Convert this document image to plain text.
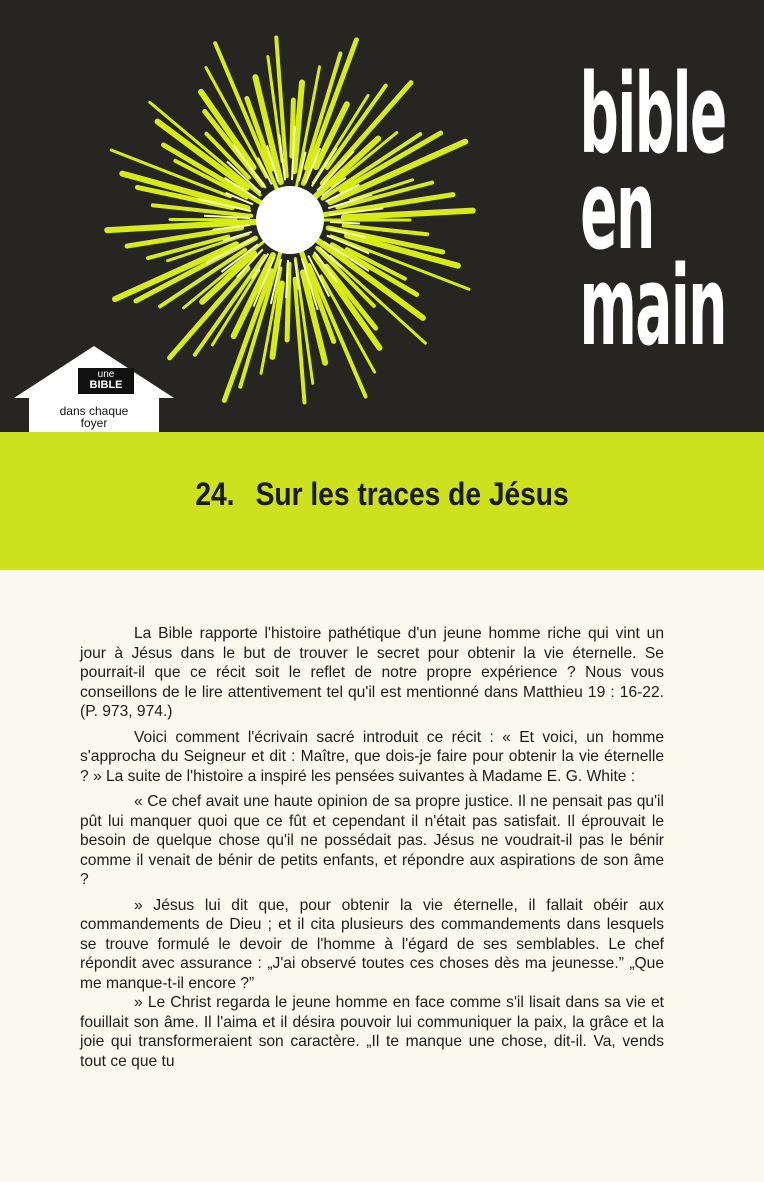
bible
en
main
une
BIBLE
dans chaque
foyer
24. Sur les traces de Jésus

La Bible rapporte l'histoire pathétique d'un jeune homme riche qui vint un jour à Jésus dans le but de trouver le secret pour obtenir la vie éternelle. Se pourrait-il que ce récit soit le reflet de notre propre expérience ? Nous vous conseillons de le lire attentivement tel qu'il est mentionné dans Matthieu 19 : 16-22. (P. 973, 974.)

Voici comment l'écrivain sacré introduit ce récit : « Et voici, un homme s'approcha du Seigneur et dit : Maître, que dois-je faire pour obtenir la vie éternelle ? » La suite de l'histoire a inspiré les pensées suivantes à Madame E. G. White :

« Ce chef avait une haute opinion de sa propre justice. Il ne pensait pas qu'il pût lui manquer quoi que ce fût et cependant il n'était pas satisfait. Il éprouvait le besoin de quelque chose qu'il ne possédait pas. Jésus ne voudrait-il pas le bénir comme il venait de bénir de petits enfants, et répondre aux aspirations de son âme ?

» Jésus lui dit que, pour obtenir la vie éternelle, il fallait obéir aux commandements de Dieu ; et il cita plusieurs des commandements dans lesquels se trouve formulé le devoir de l'homme à l'égard de ses semblables. Le chef répondit avec assurance : „J'ai observé toutes ces choses dès ma jeunesse.” „Que me manque-t-il encore ?”

» Le Christ regarda le jeune homme en face comme s'il lisait dans sa vie et fouillait son âme. Il l'aima et il désira pouvoir lui communiquer la paix, la grâce et la joie qui transformeraient son caractère. „Il te manque une chose, dit-il. Va, vends tout ce que tu
